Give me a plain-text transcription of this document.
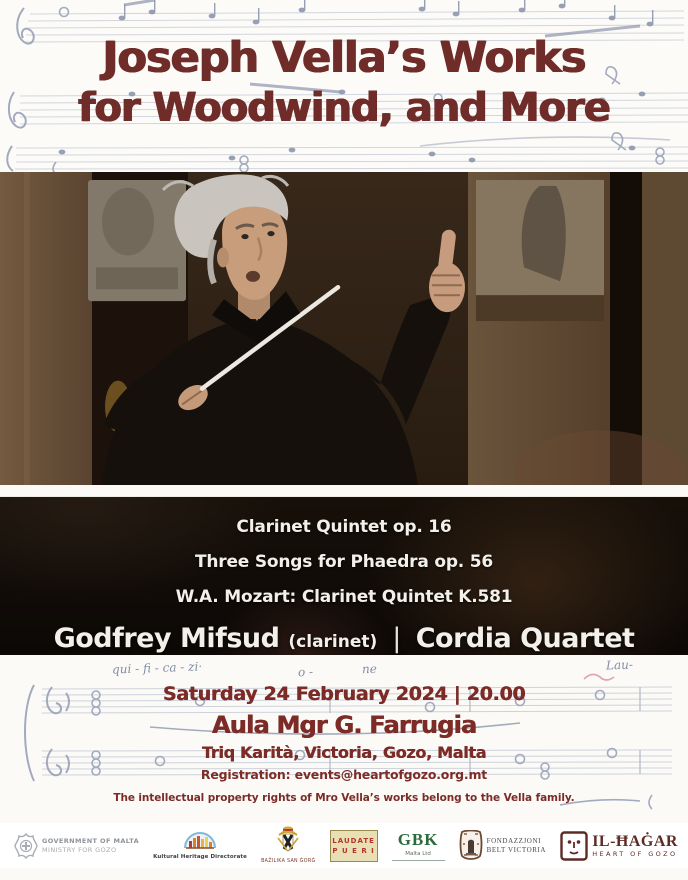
Joseph Vella’s Works
for Woodwind, and More

Clarinet Quintet op. 16

Three Songs for Phaedra op. 56

W.A. Mozart: Clarinet Quintet K.581

Godfrey Mifsud (clarinet) | Cordia Quartet

qui - fi - ca - zi·	o -	ne	Lau-

Saturday 24 February 2024 | 20.00

Aula Mgr G. Farrugia

Triq Karità, Victoria, Gozo, Malta

Registration: events@heartofgozo.org.mt

The intellectual property rights of Mro Vella’s works belong to the Vella family.

GOVERNMENT OF MALTA
MINISTRY FOR GOZO
Kultural Heritage Directorate
BAŻILIKA SAN ĠORĠ
LAUDATE
P U E R I
GBK
Malta Ltd
FONDAZZJONI
BELT VICTORIA	IL-ĦAĠAR
HEART OF GOZO
